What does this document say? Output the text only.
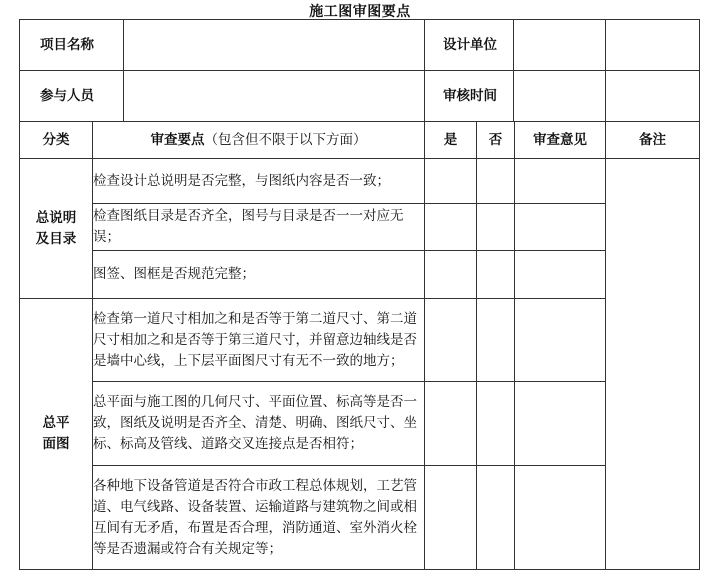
施工图审图要点
项目名称		设计单位			

参与人员		审核时间			

分类	审查要点（包含但不限于以下方面）	是	否	审查意见	备注

总说明
及目录	检查设计总说明是否完整，与图纸内容是否一致；				
	检查图纸目录是否齐全，图号与目录是否一一对应无误；				
	图签、图框是否规范完整；				

总平
面图	检查第一道尺寸相加之和是否等于第二道尺寸、第二道尺寸相加之和是否等于第三道尺寸，并留意边轴线是否是墙中心线，上下层平面图尺寸有无不一致的地方；				
	总平面与施工图的几何尺寸、平面位置、标高等是否一致，图纸及说明是否齐全、清楚、明确、图纸尺寸、坐标、标高及管线、道路交叉连接点是否相符；				
	各种地下设备管道是否符合市政工程总体规划，工艺管道、电气线路、设备装置、运输道路与建筑物之间或相互间有无矛盾，布置是否合理，消防通道、室外消火栓等是否遗漏或符合有关规定等；				
